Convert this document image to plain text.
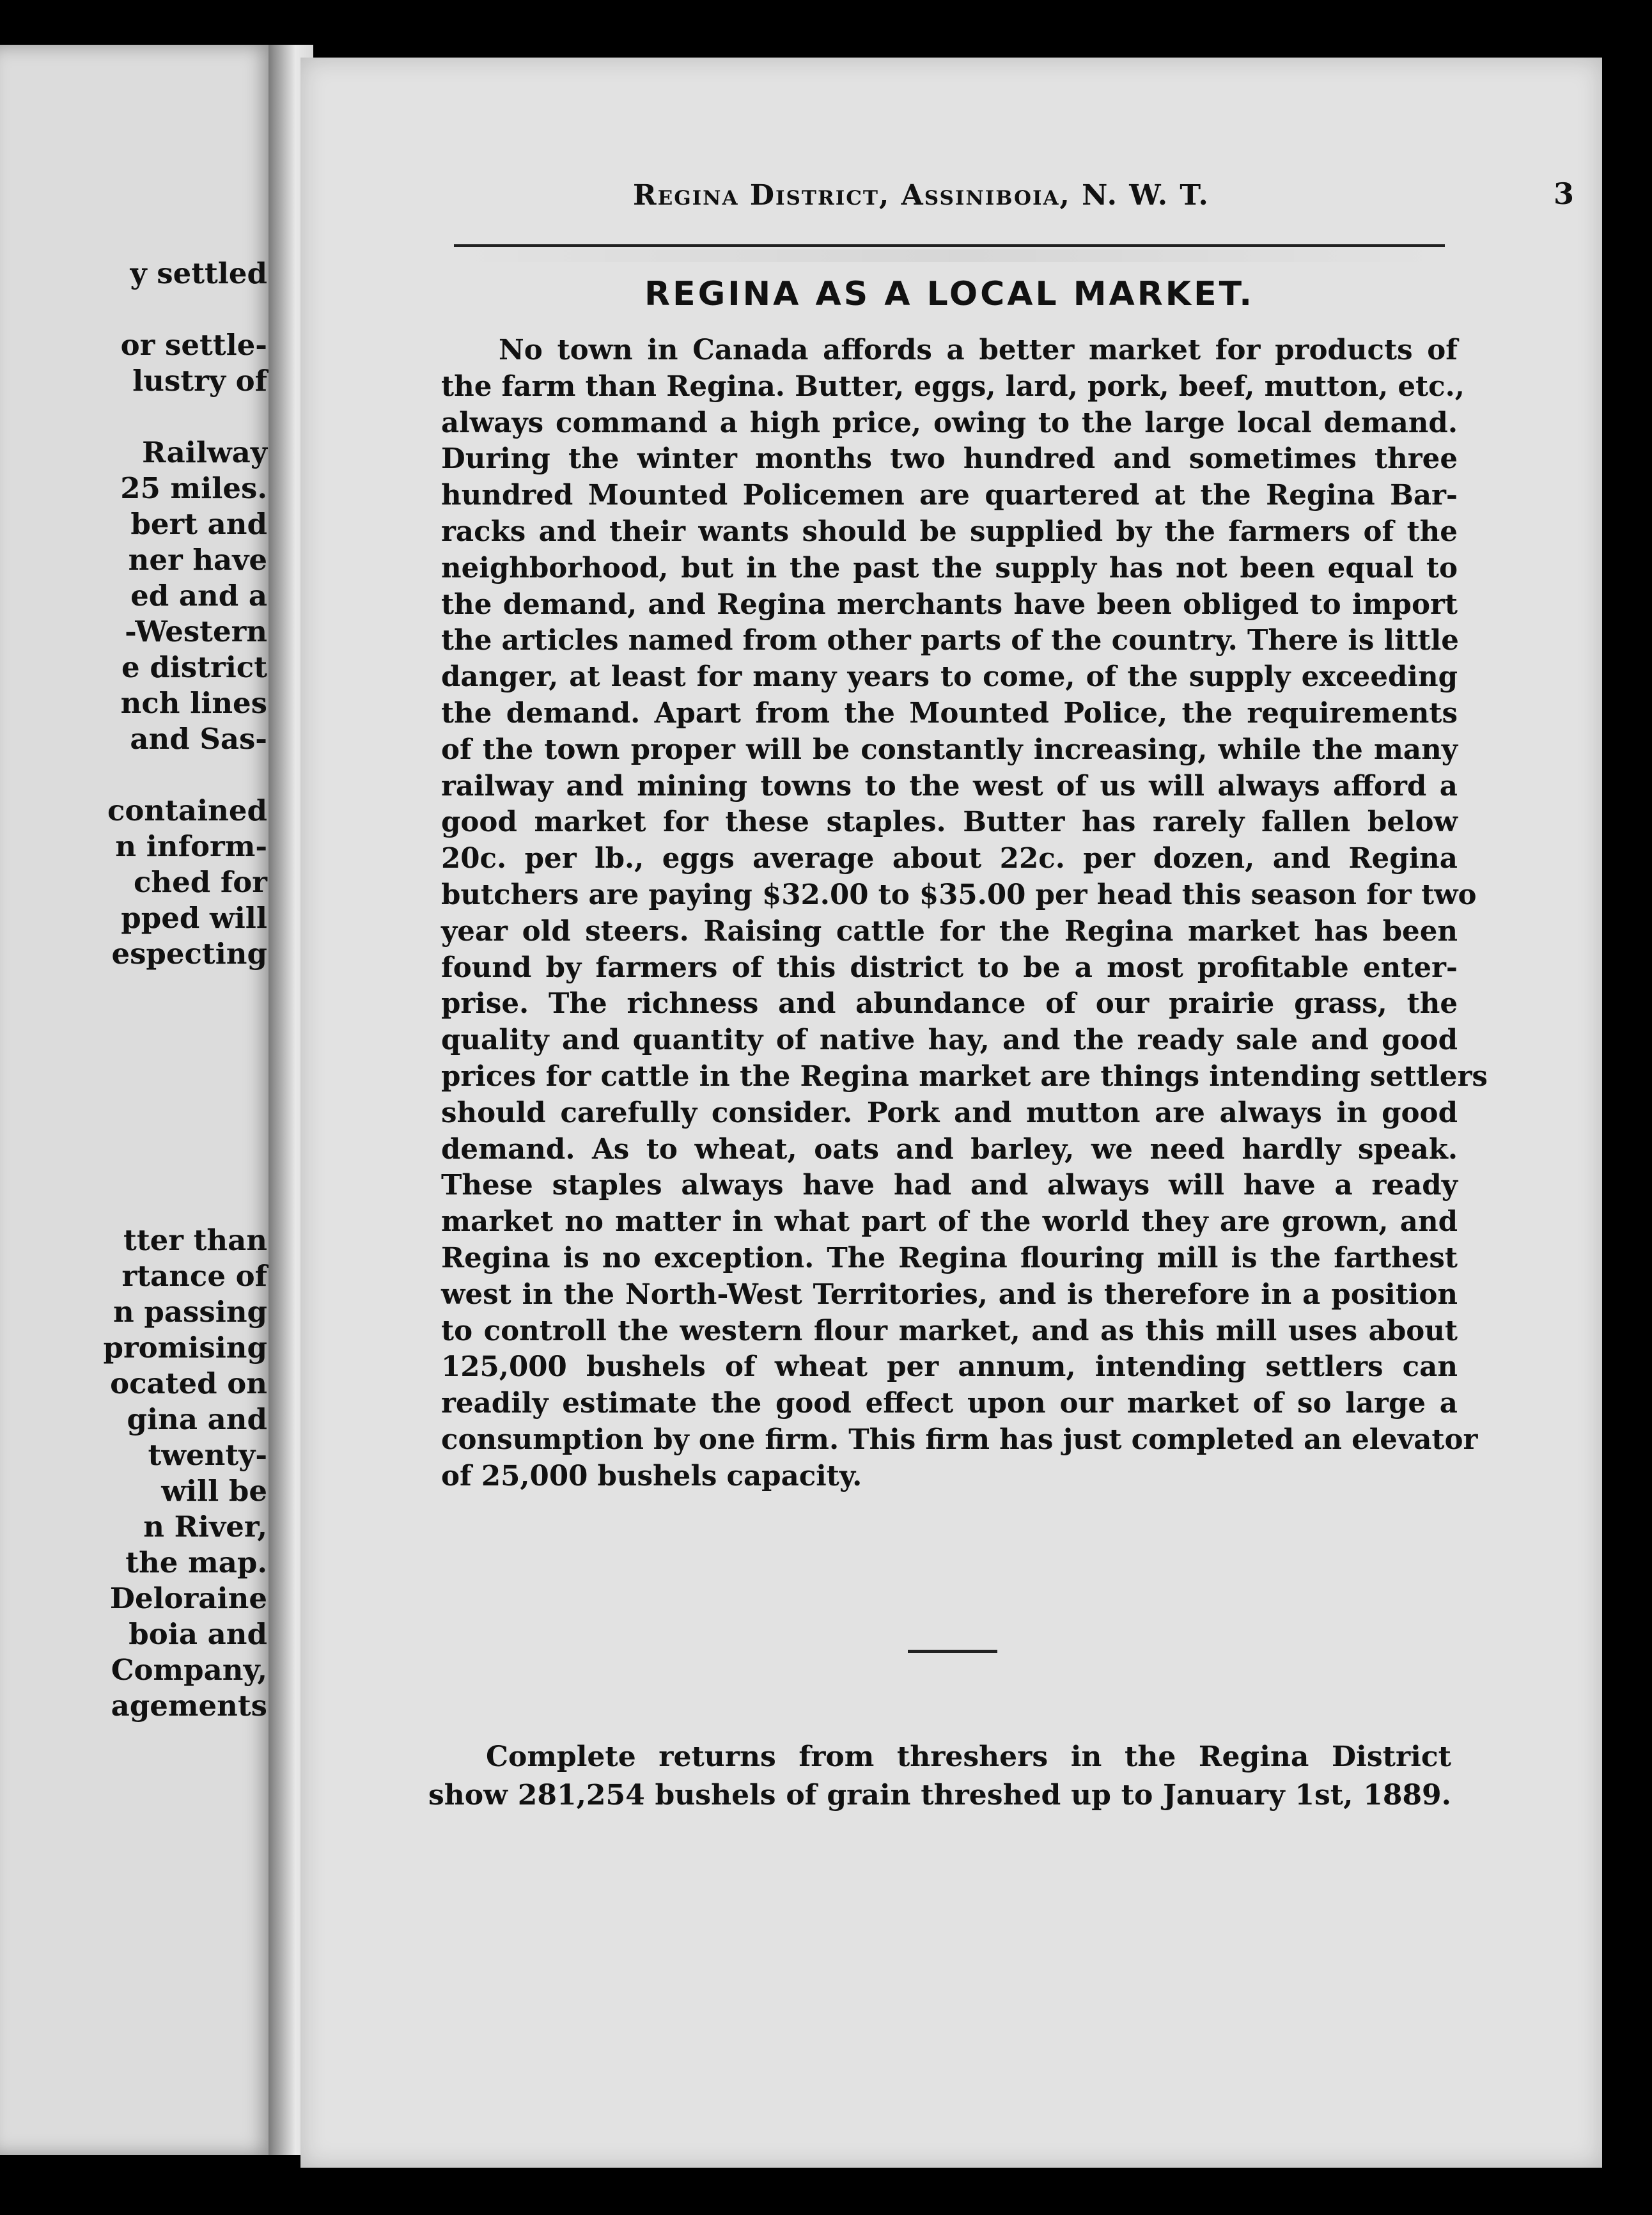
y settled
or settle-
lustry of
Railway
25 miles.
bert and
ner have
ed and a
-Western
e district
nch lines
and Sas-
contained
n inform-
ched for
pped will
especting
tter than
rtance of
n passing
promising
ocated on
gina and
twenty-
will be
n River,
the map.
Deloraine
boia and
Company,
agements
Regina District, Assiniboia, N. W. T.	3
REGINA AS A LOCAL MARKET.
No town in Canada affords a better market for products of
the farm than Regina. Butter, eggs, lard, pork, beef, mutton, etc.,
always command a high price, owing to the large local demand.
During the winter months two hundred and sometimes three
hundred Mounted Policemen are quartered at the Regina Bar-
racks and their wants should be supplied by the farmers of the
neighborhood, but in the past the supply has not been equal to
the demand, and Regina merchants have been obliged to import
the articles named from other parts of the country. There is little
danger, at least for many years to come, of the supply exceeding
the demand. Apart from the Mounted Police, the requirements
of the town proper will be constantly increasing, while the many
railway and mining towns to the west of us will always afford a
good market for these staples. Butter has rarely fallen below
20c. per lb., eggs average about 22c. per dozen, and Regina
butchers are paying $32.00 to $35.00 per head this season for two
year old steers. Raising cattle for the Regina market has been
found by farmers of this district to be a most profitable enter-
prise. The richness and abundance of our prairie grass, the
quality and quantity of native hay, and the ready sale and good
prices for cattle in the Regina market are things intending settlers
should carefully consider. Pork and mutton are always in good
demand. As to wheat, oats and barley, we need hardly speak.
These staples always have had and always will have a ready
market no matter in what part of the world they are grown, and
Regina is no exception. The Regina flouring mill is the farthest
west in the North-West Territories, and is therefore in a position
to controll the western flour market, and as this mill uses about
125,000 bushels of wheat per annum, intending settlers can
readily estimate the good effect upon our market of so large a
consumption by one firm. This firm has just completed an elevator
of 25,000 bushels capacity.
Complete returns from threshers in the Regina District
show 281,254 bushels of grain threshed up to January 1st, 1889.
